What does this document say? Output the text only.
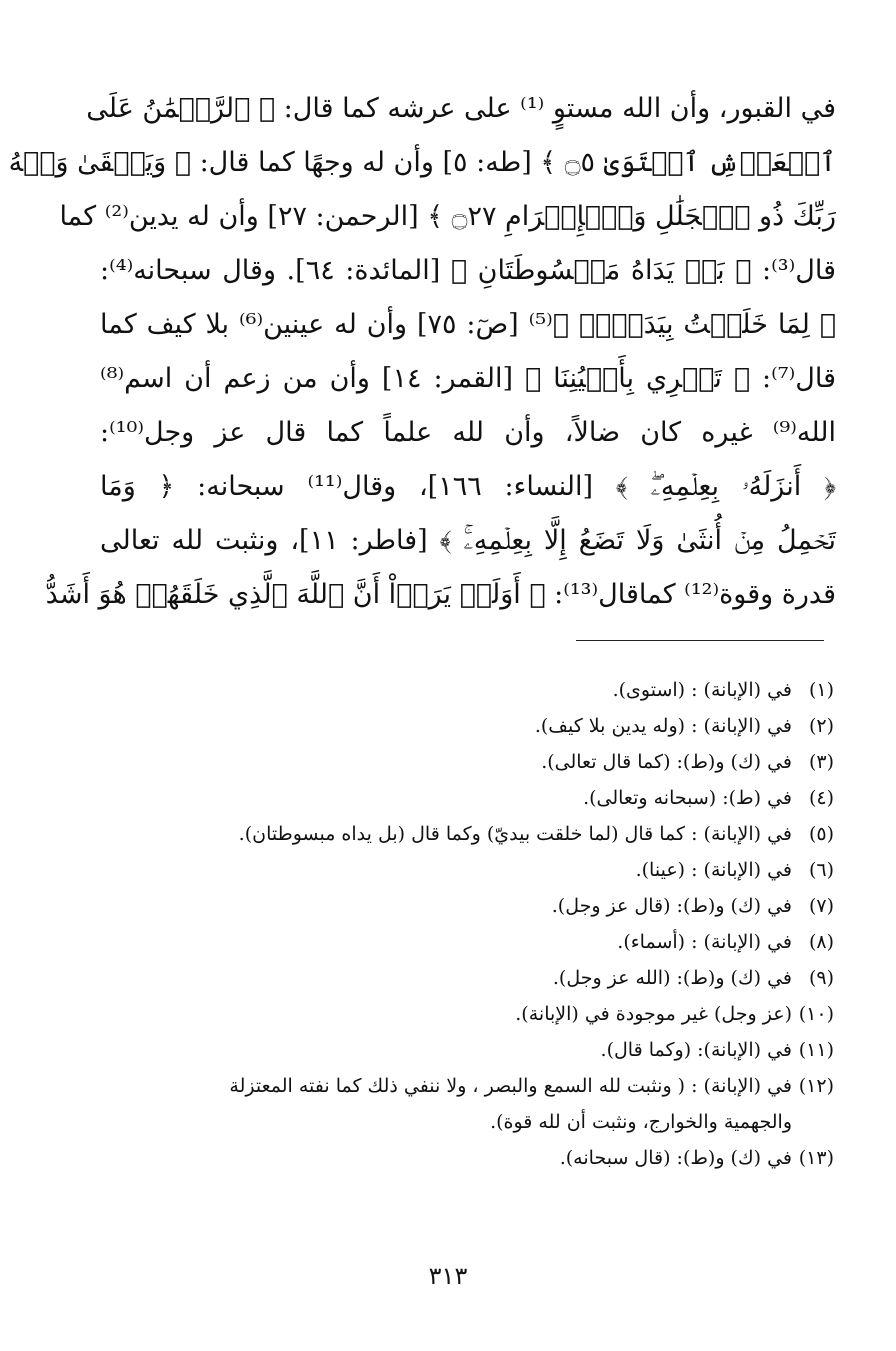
في القبور، وأن الله مستوٍ ⁽¹⁾ على عرشه كما قال: ﴿ ٱلرَّحۡمَٰنُ عَلَى
ٱلۡعَرۡشِ ٱسۡتَوَىٰ ۝٥ ﴾ [طه: ٥] وأن له وجهًا كما قال: ﴿ وَيَبۡقَىٰ وَجۡهُ
رَبِّكَ ذُو ٱلۡجَلَٰلِ وَٱلۡإِكۡرَامِ ۝٢٧ ﴾ [الرحمن: ٢٧] وأن له يدين⁽²⁾ كما
قال⁽³⁾: ﴿ بَلۡ يَدَاهُ مَبۡسُوطَتَانِ ﴾ [المائدة: ٦٤]. وقال سبحانه⁽⁴⁾:
﴿ لِمَا خَلَقۡتُ بِيَدَيَّۖ ﴾⁽⁵⁾ [صٓ: ٧٥] وأن له عينين⁽⁶⁾ بلا كيف كما
قال⁽⁷⁾: ﴿ تَجۡرِي بِأَعۡيُنِنَا ﴾ [القمر: ١٤] وأن من زعم أن اسم⁽⁸⁾
الله⁽⁹⁾ غيره كان ضالاً، وأن لله علماً كما قال عز وجل⁽¹⁰⁾:
﴿ أَنزَلَهُۥ بِعِلۡمِهِۦۖ ﴾ [النساء: ١٦٦]، وقال⁽¹¹⁾ سبحانه: ﴿ وَمَا
تَحۡمِلُ مِنۡ أُنثَىٰ وَلَا تَضَعُ إِلَّا بِعِلۡمِهِۦۚ ﴾ [فاطر: ١١]، ونثبت لله تعالى
قدرة وقوة⁽¹²⁾ كماقال⁽¹³⁾: ﴿ أَوَلَمۡ يَرَوۡاْ أَنَّ ٱللَّهَ ٱلَّذِي خَلَقَهُمۡ هُوَ أَشَدُّ
(١)
في (الإبانة) : (استوى).
(٢)
في (الإبانة) : (وله يدين بلا كيف).
(٣)
في (ك) و(ط): (كما قال تعالى).
(٤)
في (ط): (سبحانه وتعالى).
(٥)
في (الإبانة) : كما قال (لما خلقت بيديّ) وكما قال (بل يداه مبسوطتان).
(٦)
في (الإبانة) : (عينا).
(٧)
في (ك) و(ط): (قال عز وجل).
(٨)
في (الإبانة) : (أسماء).
(٩)
في (ك) و(ط): (الله عز وجل).
(١٠)
(عز وجل) غير موجودة في (الإبانة).
(١١)
في (الإبانة): (وكما قال).
(١٢)
في (الإبانة) : ( ونثبت لله السمع والبصر ، ولا ننفي ذلك كما نفته المعتزلة
والجهمية والخوارج، ونثبت أن لله قوة).
(١٣)
في (ك) و(ط): (قال سبحانه).
٣١٣
